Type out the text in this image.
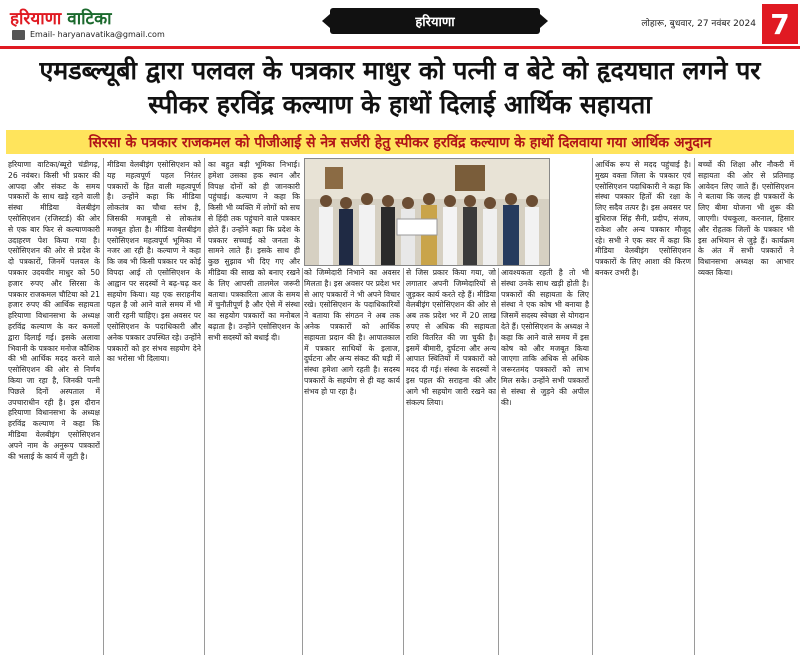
हरियाणा वाटिका
Email- haryanavatika@gmail.com
हरियाणा	लोहारू, बुधवार, 27 नवंबर 2024 7
एमडब्ल्यूबी द्वारा पलवल के पत्रकार माधुर को पत्नी व बेटे को हृदयघात लगने पर स्पीकर हरविंद्र कल्याण के हाथों दिलाई आर्थिक सहायता
सिरसा के पत्रकार राजकमल को पीजीआई से नेत्र सर्जरी हेतु स्पीकर हरविंद्र कल्याण के हाथों दिलवाया गया आर्थिक अनुदान
हरियाणा वाटिका/ब्यूरो चंडीगढ़, 26 नवंबर। किसी भी प्रकार की आपदा और संकट के समय पत्रकारों के साथ खड़े रहने वाली संस्था मीडिया वेलबीइंग एसोसिएशन (रजिस्टर्ड) की ओर से एक बार फिर से कल्याणकारी उदाहरण पेश किया गया है। एसोसिएशन की ओर से प्रदेश के दो पत्रकारों, जिनमें पलवल के पत्रकार उदयवीर माधुर को 50 हजार रुपए और सिरसा के पत्रकार राजकमल चौटिया को 21 हजार रुपए की आर्थिक सहायता हरियाणा विधानसभा के अध्यक्ष हरविंद्र कल्याण के कर कमलों द्वारा दिलाई गई। इसके अलावा भिवानी के पत्रकार मनोज कौशिक की भी आर्थिक मदद करने वाले एसोसिएशन की ओर से निर्णय किया जा रहा है, जिनकी पत्नी पिछले दिनों अस्पताल में उपचाराधीन रही है। इस दौरान हरियाणा विधानसभा के अध्यक्ष हरविंद्र कल्याण ने कहा कि मीडिया वेलबीइंग एसोसिएशन अपने नाम के अनुरूप पत्रकारों की भलाई के कार्य में जुटी है।
मीडिया वेलबीइंग एसोसिएशन को यह महत्वपूर्ण पहल निरंतर पत्रकारों के हित वाली महत्वपूर्ण है। उन्होंने कहा कि मीडिया लोकतंत्र का चौथा स्तंभ है, जिसकी मजबूती से लोकतंत्र मजबूत होता है। मीडिया वेलबीइंग एसोसिएशन महत्वपूर्ण भूमिका में नजर आ रही है। कल्याण ने कहा कि जब भी किसी पत्रकार पर कोई विपदा आई तो एसोसिएशन के आह्वान पर सदस्यों ने बढ़-चढ़ कर सहयोग किया। यह एक सराहनीय पहल है जो आने वाले समय में भी जारी रहनी चाहिए। इस अवसर पर एसोसिएशन के पदाधिकारी और अनेक पत्रकार उपस्थित रहे। उन्होंने पत्रकारों को हर संभव सहयोग देने का भरोसा भी दिलाया।
का बहुत बड़ी भूमिका निभाई। हमेशा उसका हक स्थान और विपक्ष दोनों को ही जानकारी पहुंचाई। कल्याण ने कहा कि किसी भी व्यक्ति में लोगों को सच से हिंदी तक पहुंचाने वाले पत्रकार होते हैं। उन्होंने कहा कि प्रदेश के पत्रकार सच्चाई को जनता के सामने लाते हैं। इसके साथ ही कुछ सुझाव भी दिए गए और मीडिया की साख को बनाए रखने के लिए आपसी तालमेल जरूरी बताया। पत्रकारिता आज के समय में चुनौतीपूर्ण है और ऐसे में संस्था का सहयोग पत्रकारों का मनोबल बढ़ाता है। उन्होंने एसोसिएशन के सभी सदस्यों को बधाई दी।
को जिम्मेदारी निभाने का अवसर मिलता है। इस अवसर पर प्रदेश भर से आए पत्रकारों ने भी अपने विचार रखे। एसोसिएशन के पदाधिकारियों ने बताया कि संगठन ने अब तक अनेक पत्रकारों को आर्थिक सहायता प्रदान की है। आपातकाल में पत्रकार साथियों के इलाज, दुर्घटना और अन्य संकट की घड़ी में संस्था हमेशा आगे रहती है। सदस्य पत्रकारों के सहयोग से ही यह कार्य संभव हो पा रहा है।
से जिस प्रकार किया गया, जो लगातार अपनी जिम्मेदारियों से जुड़कर कार्य करते रहे हैं। मीडिया वेलबीइंग एसोसिएशन की ओर से अब तक प्रदेश भर में 20 लाख रुपए से अधिक की सहायता राशि वितरित की जा चुकी है। इसमें बीमारी, दुर्घटना और अन्य आपात स्थितियों में पत्रकारों को मदद दी गई। संस्था के सदस्यों ने इस पहल की सराहना की और आगे भी सहयोग जारी रखने का संकल्प लिया।
आवश्यकता रहती है तो भी संस्था उनके साथ खड़ी होती है। पत्रकारों की सहायता के लिए संस्था ने एक कोष भी बनाया है जिसमें सदस्य स्वेच्छा से योगदान देते हैं। एसोसिएशन के अध्यक्ष ने कहा कि आने वाले समय में इस कोष को और मजबूत किया जाएगा ताकि अधिक से अधिक जरूरतमंद पत्रकारों को लाभ मिल सके। उन्होंने सभी पत्रकारों से संस्था से जुड़ने की अपील की।
आर्थिक रूप से मदद पहुंचाई है। मुख्य वक्ता जिला के पत्रकार एवं एसोसिएशन पदाधिकारी ने कहा कि संस्था पत्रकार हितों की रक्षा के लिए सदैव तत्पर है। इस अवसर पर बुधिराज सिंह सैनी, प्रदीप, संजय, राकेश और अन्य पत्रकार मौजूद रहे। सभी ने एक स्वर में कहा कि मीडिया वेलबीइंग एसोसिएशन पत्रकारों के लिए आशा की किरण बनकर उभरी है।
बच्चों की शिक्षा और नौकरी में सहायता की ओर से प्रतिमाह आवेदन लिए जाते हैं। एसोसिएशन ने बताया कि जल्द ही पत्रकारों के लिए बीमा योजना भी शुरू की जाएगी। पंचकूला, करनाल, हिसार और रोहतक जिलों के पत्रकार भी इस अभियान से जुड़े हैं। कार्यक्रम के अंत में सभी पत्रकारों ने विधानसभा अध्यक्ष का आभार व्यक्त किया।
